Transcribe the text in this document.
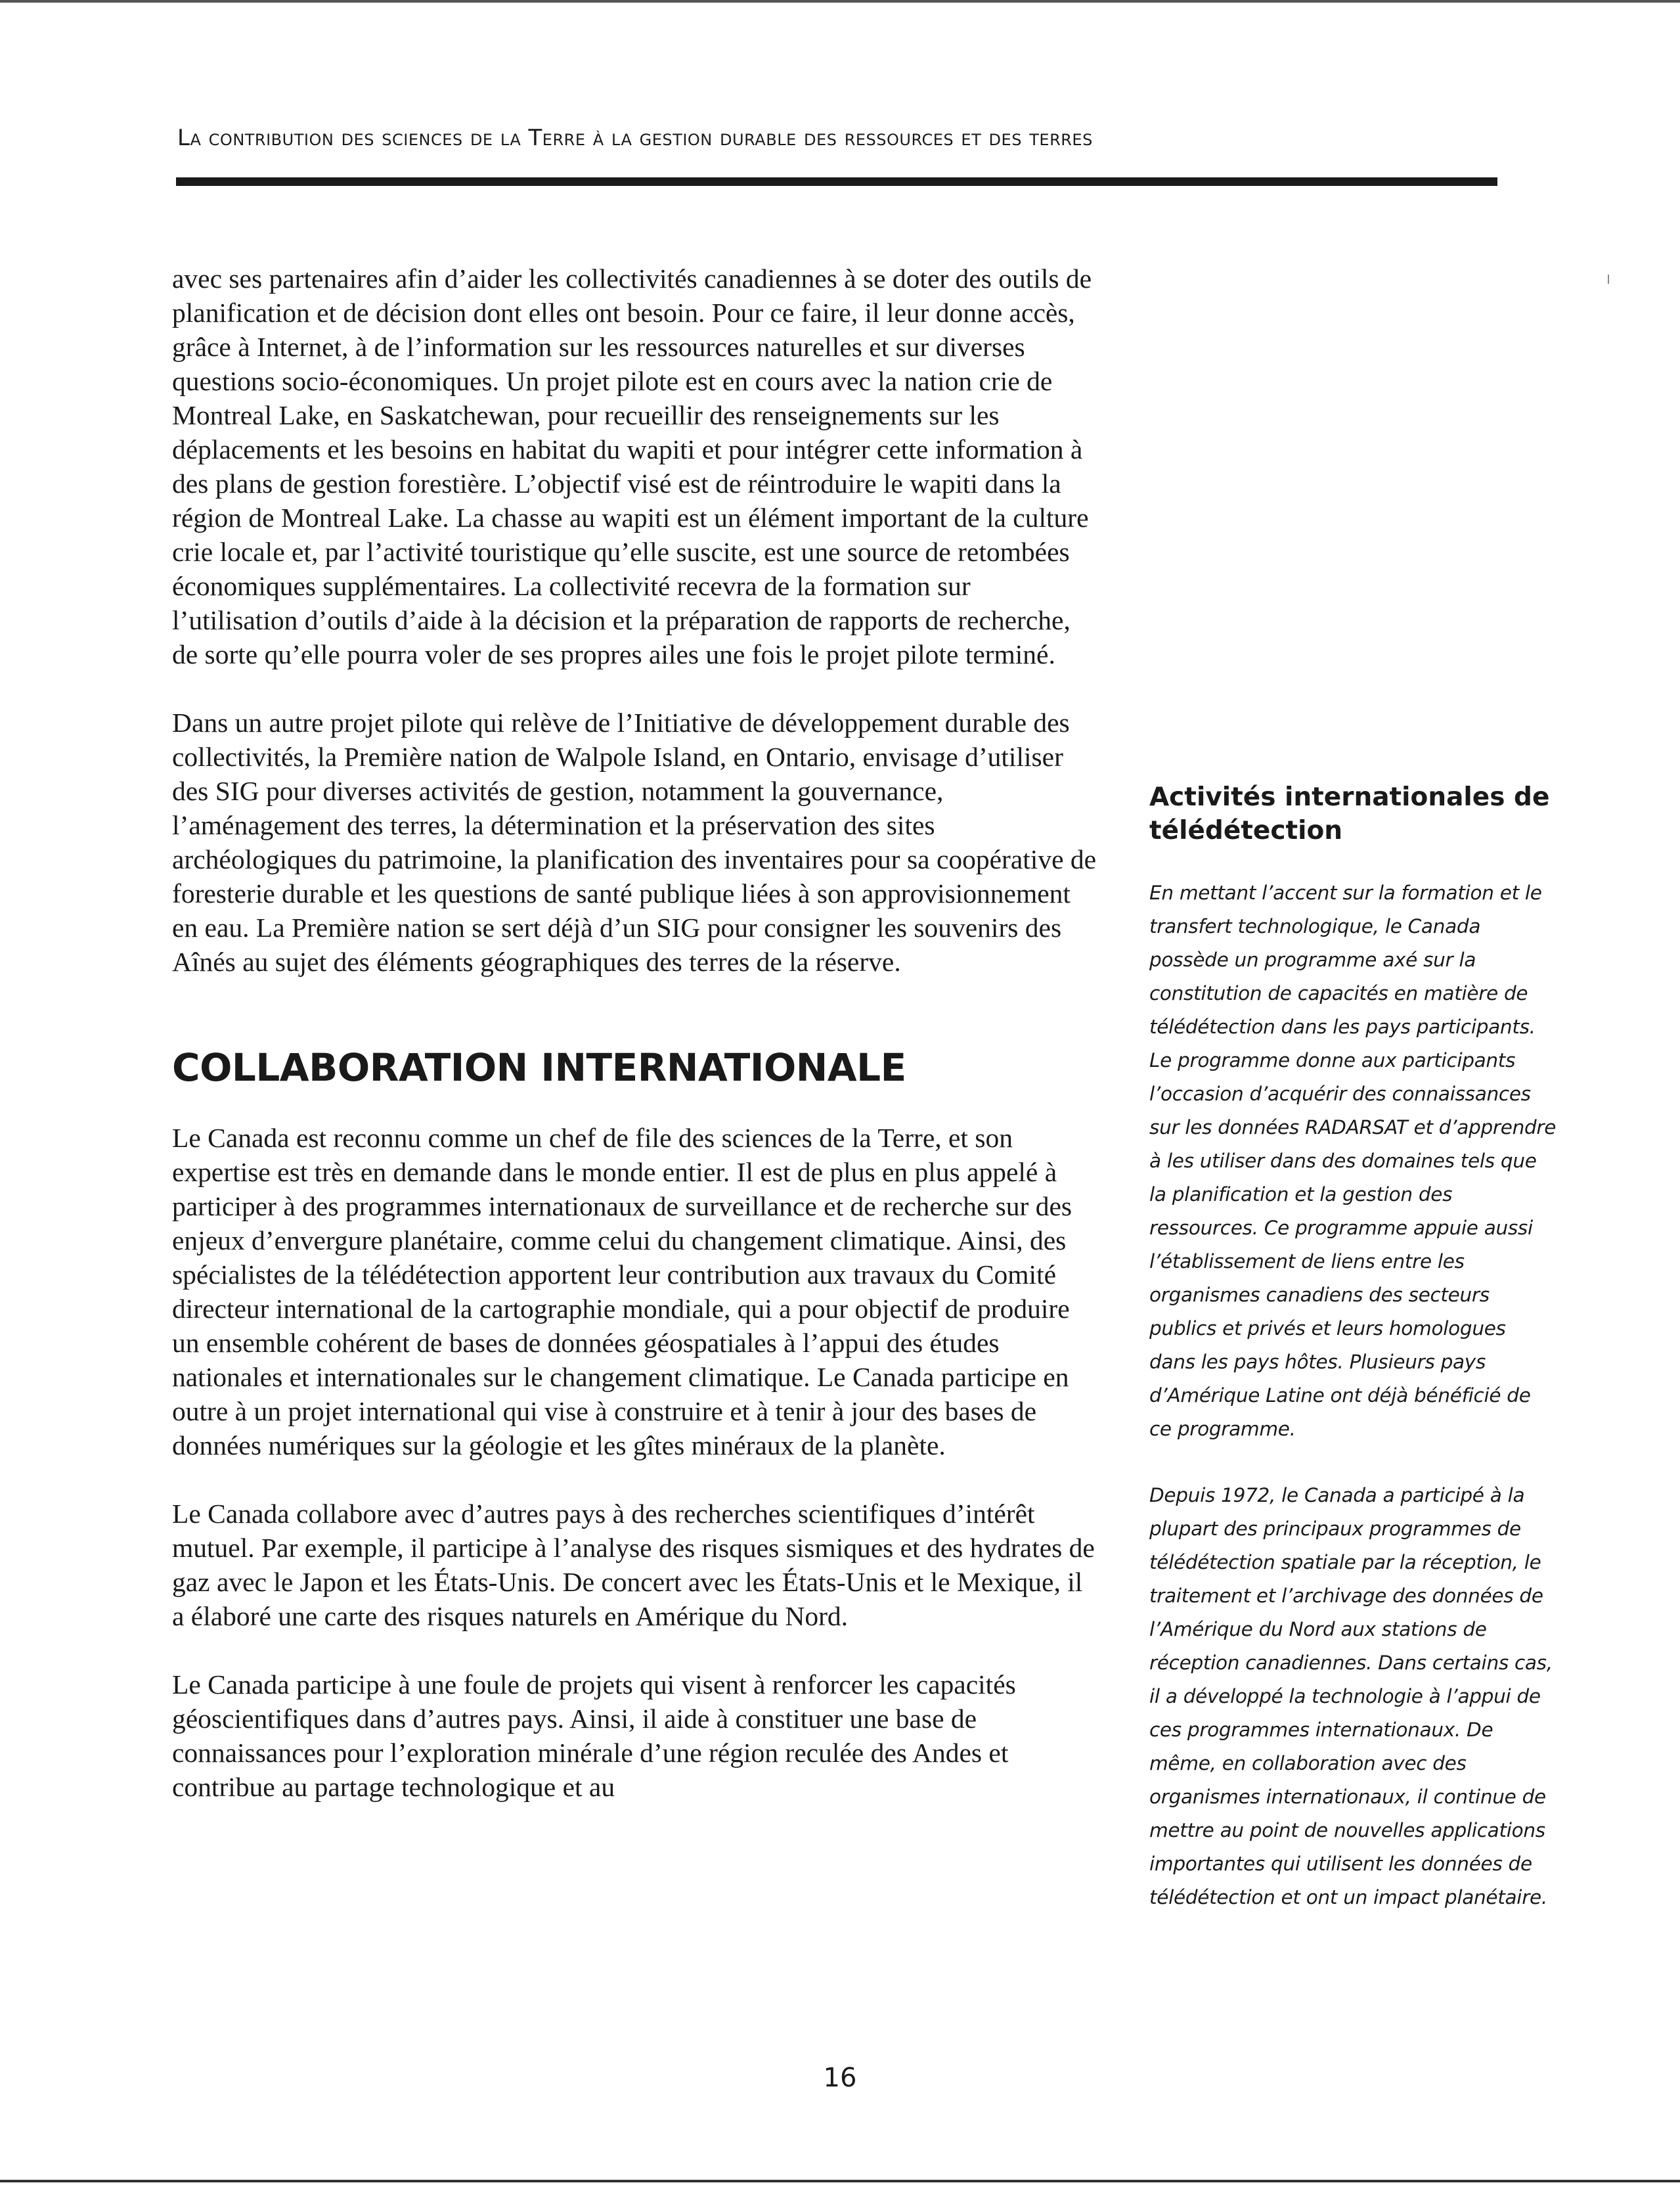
La contribution des sciences de la Terre à la gestion durable des ressources et des terres

avec ses partenaires afin d’aider les collectivités canadiennes à se doter des outils de planification et de décision dont elles ont besoin. Pour ce faire, il leur donne accès, grâce à Internet, à de l’information sur les ressources naturelles et sur diverses questions socio-économiques. Un projet pilote est en cours avec la nation crie de Montreal Lake, en Saskatchewan, pour recueillir des renseignements sur les déplacements et les besoins en habitat du wapiti et pour intégrer cette information à des plans de gestion forestière. L’objectif visé est de réintroduire le wapiti dans la région de Montreal Lake. La chasse au wapiti est un élément important de la culture crie locale et, par l’activité touristique qu’elle suscite, est une source de retombées économiques supplémentaires. La collectivité recevra de la formation sur l’utilisation d’outils d’aide à la décision et la préparation de rapports de recherche, de sorte qu’elle pourra voler de ses propres ailes une fois le projet pilote terminé.

Dans un autre projet pilote qui relève de l’Initiative de développement durable des collectivités, la Première nation de Walpole Island, en Ontario, envisage d’utiliser des SIG pour diverses activités de gestion, notamment la gouvernance, l’aménagement des terres, la détermination et la préservation des sites archéologiques du patrimoine, la planification des inventaires pour sa coopérative de foresterie durable et les questions de santé publique liées à son approvisionnement en eau. La Première nation se sert déjà d’un SIG pour consigner les souvenirs des Aînés au sujet des éléments géographiques des terres de la réserve.

COLLABORATION INTERNATIONALE

Le Canada est reconnu comme un chef de file des sciences de la Terre, et son expertise est très en demande dans le monde entier. Il est de plus en plus appelé à participer à des programmes internationaux de surveillance et de recherche sur des enjeux d’envergure planétaire, comme celui du changement climatique. Ainsi, des spécialistes de la télédétection apportent leur contribution aux travaux du Comité directeur international de la cartographie mondiale, qui a pour objectif de produire un ensemble cohérent de bases de données géospatiales à l’appui des études nationales et internationales sur le changement climatique. Le Canada participe en outre à un projet international qui vise à construire et à tenir à jour des bases de données numériques sur la géologie et les gîtes minéraux de la planète.

Le Canada collabore avec d’autres pays à des recherches scientifiques d’intérêt mutuel. Par exemple, il participe à l’analyse des risques sismiques et des hydrates de gaz avec le Japon et les États-Unis. De concert avec les États-Unis et le Mexique, il a élaboré une carte des risques naturels en Amérique du Nord.

Le Canada participe à une foule de projets qui visent à renforcer les capacités géoscientifiques dans d’autres pays. Ainsi, il aide à constituer une base de connaissances pour l’exploration minérale d’une région reculée des Andes et contribue au partage technologique et au

Activités internationales de télédétection

En mettant l’accent sur la formation et le transfert technologique, le Canada possède un programme axé sur la constitution de capacités en matière de télédétection dans les pays participants. Le programme donne aux participants l’occasion d’acquérir des connaissances sur les données RADARSAT et d’apprendre à les utiliser dans des domaines tels que la planification et la gestion des ressources. Ce programme appuie aussi l’établissement de liens entre les organismes canadiens des secteurs publics et privés et leurs homologues dans les pays hôtes. Plusieurs pays d’Amérique Latine ont déjà bénéficié de ce programme.

Depuis 1972, le Canada a participé à la plupart des principaux programmes de télédétection spatiale par la réception, le traitement et l’archivage des données de l’Amérique du Nord aux stations de réception canadiennes. Dans certains cas, il a développé la technologie à l’appui de ces programmes internationaux. De même, en collaboration avec des organismes internationaux, il continue de mettre au point de nouvelles applications importantes qui utilisent les données de télédétection et ont un impact planétaire.

16
